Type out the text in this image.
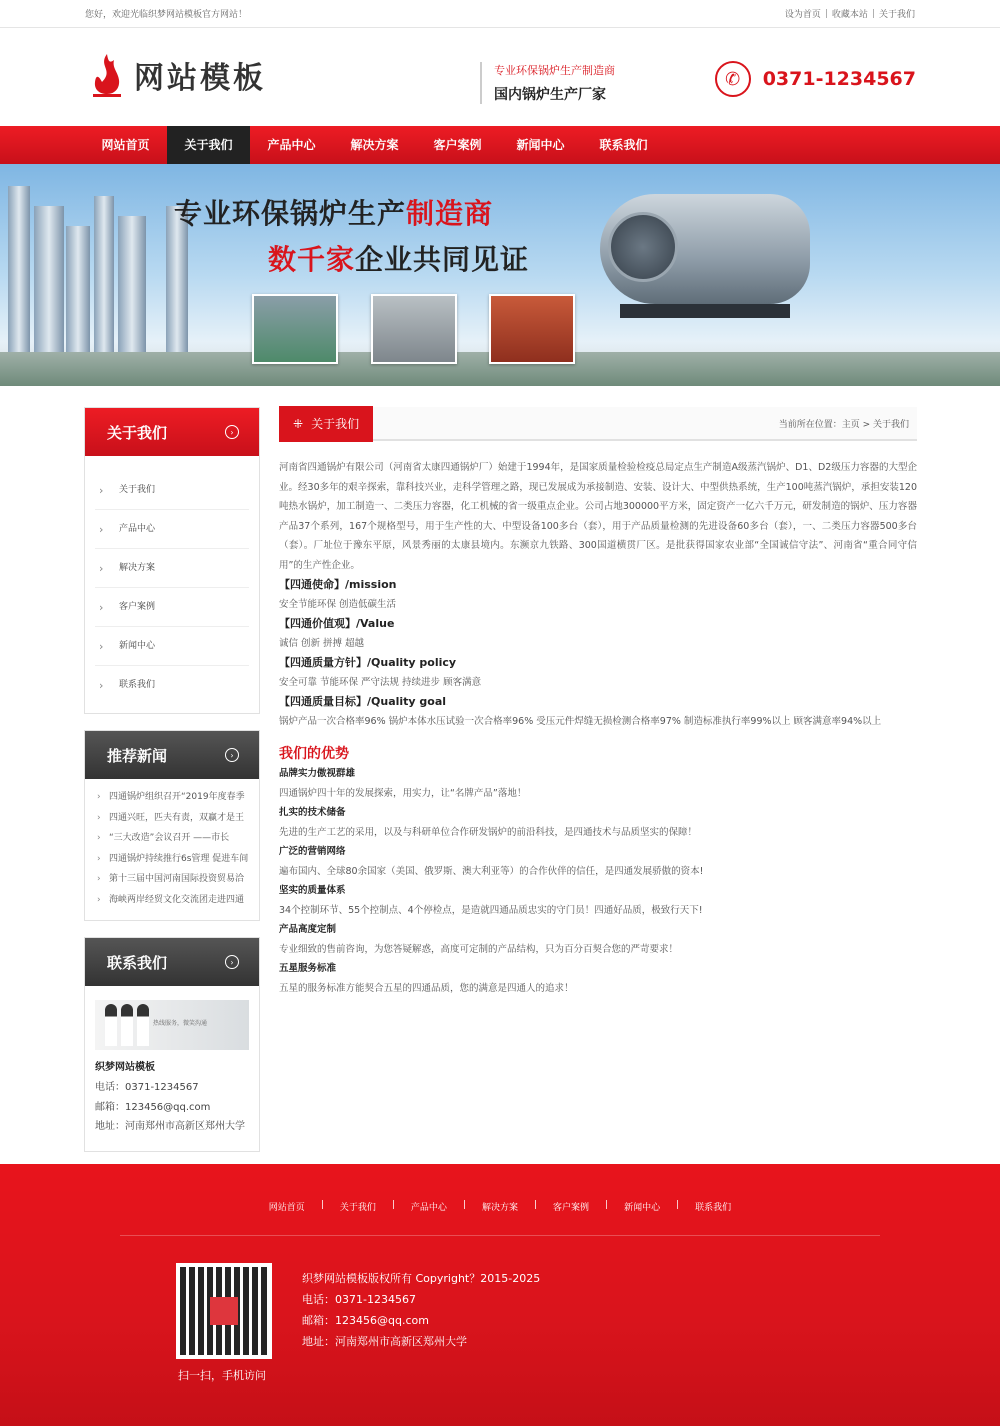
您好，欢迎光临织梦网站模板官方网站！	设为首页 | 收藏本站 | 关于我们
网站模板	专业环保锅炉生产制造商
国内锅炉生产厂家
✆	0371-1234567
网站首页	关于我们	产品中心	解决方案	客户案例	新闻中心	联系我们
专业环保锅炉生产制造商
数千家企业共同见证
关于我们	›
› 关于我们
› 产品中心
› 解决方案
› 客户案例
› 新闻中心
› 联系我们
推荐新闻	›
› 四通锅炉组织召开“2019年度春季
› 四通兴旺，匹夫有责，双赢才是王
› “三大改造”会议召开 ——市长
› 四通锅炉持续推行6s管理 促进车间
› 第十三届中国河南国际投资贸易洽
› 海峡两岸经贸文化交流团走进四通
联系我们	›
热线服务，微笑沟通
织梦网站模板
电话：0371-1234567
邮箱：123456@qq.com
地址：河南郑州市高新区郑州大学
⁜ 关于我们	当前所在位置：主页 > 关于我们

河南省四通锅炉有限公司（河南省太康四通锅炉厂）始建于1994年，是国家质量检验检疫总局定点生产制造A级蒸汽锅炉、D1、D2级压力容器的大型企业。经30多年的艰辛探索，靠科技兴业，走科学管理之路，现已发展成为承接制造、安装、设计大、中型供热系统，生产100吨蒸汽锅炉，承担安装120吨热水锅炉，加工制造一、二类压力容器，化工机械的省一级重点企业。公司占地300000平方米，固定资产一亿六千万元，研发制造的锅炉、压力容器产品37个系列，167个规格型号，用于生产性的大、中型设备100多台（套），用于产品质量检测的先进设备60多台（套），一、二类压力容器500多台（套）。厂址位于豫东平原，风景秀丽的太康县境内。东濒京九铁路、300国道横贯厂区。是批获得国家农业部“全国诚信守法”、河南省“重合同守信用”的生产性企业。

【四通使命】/mission
安全节能环保 创造低碳生活
【四通价值观】/Value
诚信 创新 拼搏 超越
【四通质量方针】/Quality policy
安全可靠 节能环保 严守法规 持续进步 顾客满意
【四通质量目标】/Quality goal
锅炉产品一次合格率96% 锅炉本体水压试验一次合格率96% 受压元件焊缝无损检测合格率97% 制造标准执行率99%以上 顾客满意率94%以上
我们的优势
品牌实力傲视群雄
四通锅炉四十年的发展探索，用实力，让“名牌产品”落地！
扎实的技术储备
先进的生产工艺的采用，以及与科研单位合作研发锅炉的前沿科技，是四通技术与品质坚实的保障！
广泛的营销网络
遍布国内、全球80余国家（美国、俄罗斯、澳大利亚等）的合作伙伴的信任，是四通发展骄傲的资本!
坚实的质量体系
34个控制环节、55个控制点、4个停检点，是造就四通品质忠实的守门员！四通好品质，极致行天下!
产品高度定制
专业细致的售前咨询，为您答疑解惑，高度可定制的产品结构，只为百分百契合您的严苛要求！
五星服务标准
五星的服务标准方能契合五星的四通品质，您的满意是四通人的追求！
网站首页	|	关于我们	|	产品中心	|	解决方案	|	客户案例	|	新闻中心	|	联系我们
扫一扫，手机访问
织梦网站模板版权所有 Copyright？2015-2025
电话：0371-1234567
邮箱：123456@qq.com
地址：河南郑州市高新区郑州大学
